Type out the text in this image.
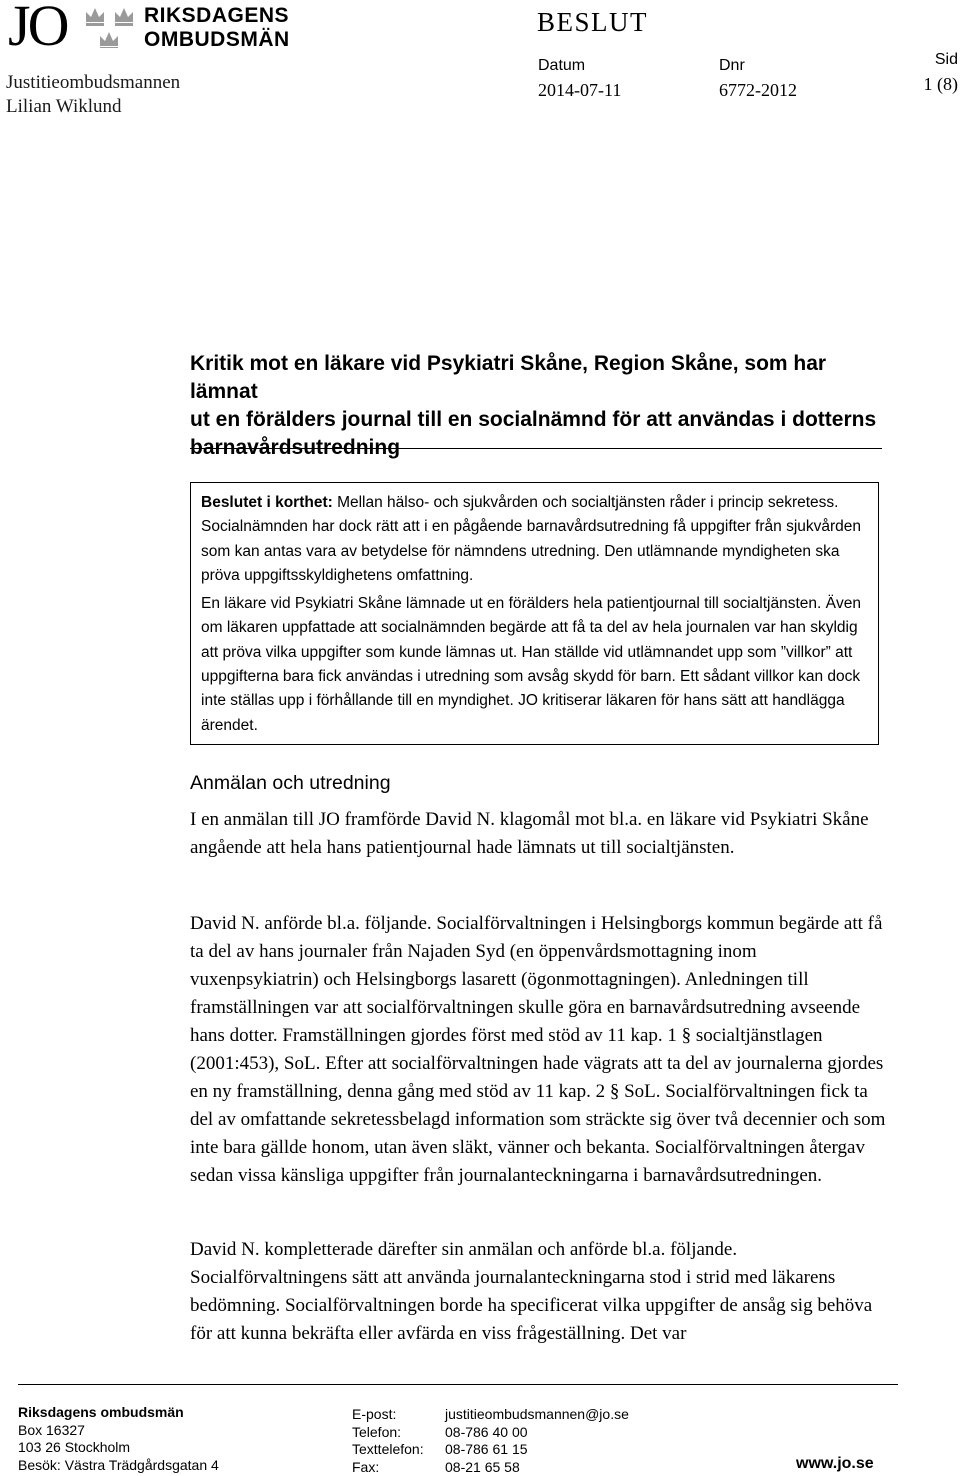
JO	RIKSDAGENS
OMBUDSMÄN
Justitieombudsmannen
Lilian Wiklund
BESLUT
Datum
2014-07-11
Dnr
6772-2012
Sid
1 (8)
Kritik mot en läkare vid Psykiatri Skåne, Region Skåne, som har lämnat
ut en förälders journal till en socialnämnd för att användas i dotterns
barnavårdsutredning

Beslutet i korthet: Mellan hälso- och sjukvården och socialtjänsten råder i princip sekretess. Socialnämnden har dock rätt att i en pågående barnavårdsutredning få uppgifter från sjukvården som kan antas vara av betydelse för nämndens utredning. Den utlämnande myndigheten ska pröva uppgiftsskyldighetens omfattning.

En läkare vid Psykiatri Skåne lämnade ut en förälders hela patientjournal till socialtjänsten. Även om läkaren uppfattade att socialnämnden begärde att få ta del av hela journalen var han skyldig att pröva vilka uppgifter som kunde lämnas ut. Han ställde vid utlämnandet upp som ”villkor” att uppgifterna bara fick användas i utredning som avsåg skydd för barn. Ett sådant villkor kan dock inte ställas upp i förhållande till en myndighet. JO kritiserar läkaren för hans sätt att handlägga ärendet.

Anmälan och utredning

I en anmälan till JO framförde David N. klagomål mot bl.a. en läkare vid Psykiatri Skåne angående att hela hans patientjournal hade lämnats ut till socialtjänsten.

David N. anförde bl.a. följande. Socialförvaltningen i Helsingborgs kommun begärde att få ta del av hans journaler från Najaden Syd (en öppenvårdsmottagning inom vuxenpsykiatrin) och Helsingborgs lasarett (ögonmottagningen). Anledningen till framställningen var att socialförvaltningen skulle göra en barnavårdsutredning avseende hans dotter. Framställningen gjordes först med stöd av 11 kap. 1 § socialtjänstlagen (2001:453), SoL. Efter att socialförvaltningen hade vägrats att ta del av journalerna gjordes en ny framställning, denna gång med stöd av 11 kap. 2 § SoL. Socialförvaltningen fick ta del av omfattande sekretessbelagd information som sträckte sig över två decennier och som inte bara gällde honom, utan även släkt, vänner och bekanta. Socialförvaltningen återgav sedan vissa känsliga uppgifter från journalanteckningarna i barnavårdsutredningen.

David N. kompletterade därefter sin anmälan och anförde bl.a. följande. Socialförvaltningens sätt att använda journalanteckningarna stod i strid med läkarens bedömning. Socialförvaltningen borde ha specificerat vilka uppgifter de ansåg sig behöva för att kunna bekräfta eller avfärda en viss frågeställning. Det var

Riksdagens ombudsmän
Box 16327
103 26 Stockholm
Besök: Västra Trädgårdsgatan 4
E-post:
Telefon:
Texttelefon:
Fax:
justitieombudsmannen@jo.se
08-786 40 00
08-786 61 15
08-21 65 58	www.jo.se
